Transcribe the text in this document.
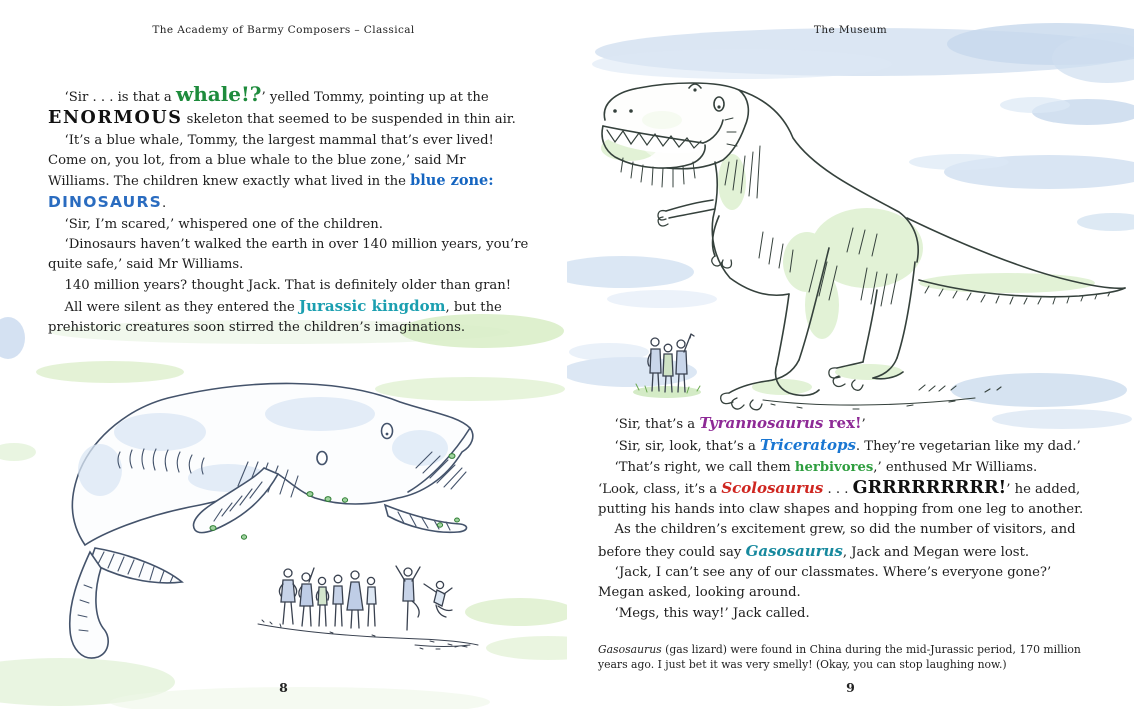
The Academy of Barmy Composers – Classical	The Museum

‘Sir . . . is that a whale!?’ yelled Tommy, pointing up at the ENORMOUS skeleton that seemed to be suspended in thin air.

‘It’s a blue whale, Tommy, the largest mammal that’s ever lived! Come on, you lot, from a blue whale to the blue zone,’ said Mr Williams. The children knew exactly what lived in the blue zone: DINOSAURS.

‘Sir, I’m scared,’ whispered one of the children.

‘Dinosaurs haven’t walked the earth in over 140 million years, you’re quite safe,’ said Mr Williams.

140 million years? thought Jack. That is definitely older than gran!

All were silent as they entered the Jurassic kingdom, but the prehistoric creatures soon stirred the children’s imaginations.

‘Sir, that’s a Tyrannosaurus rex!’

‘Sir, sir, look, that’s a Triceratops. They’re vegetarian like my dad.’

‘That’s right, we call them herbivores,’ enthused Mr Williams.

‘Look, class, it’s a Scolosaurus . . . GRRRRRRRRR!’ he added, putting his hands into claw shapes and hopping from one leg to another.

As the children’s excitement grew, so did the number of visitors, and before they could say Gasosaurus, Jack and Megan were lost.

‘Jack, I can’t see any of our classmates. Where’s everyone gone?’ Megan asked, looking around.

‘Megs, this way!’ Jack called.

Gasosaurus (gas lizard) were found in China during the mid-Jurassic period, 170 million years ago. I just bet it was very smelly! (Okay, you can stop laughing now.)
8	9
